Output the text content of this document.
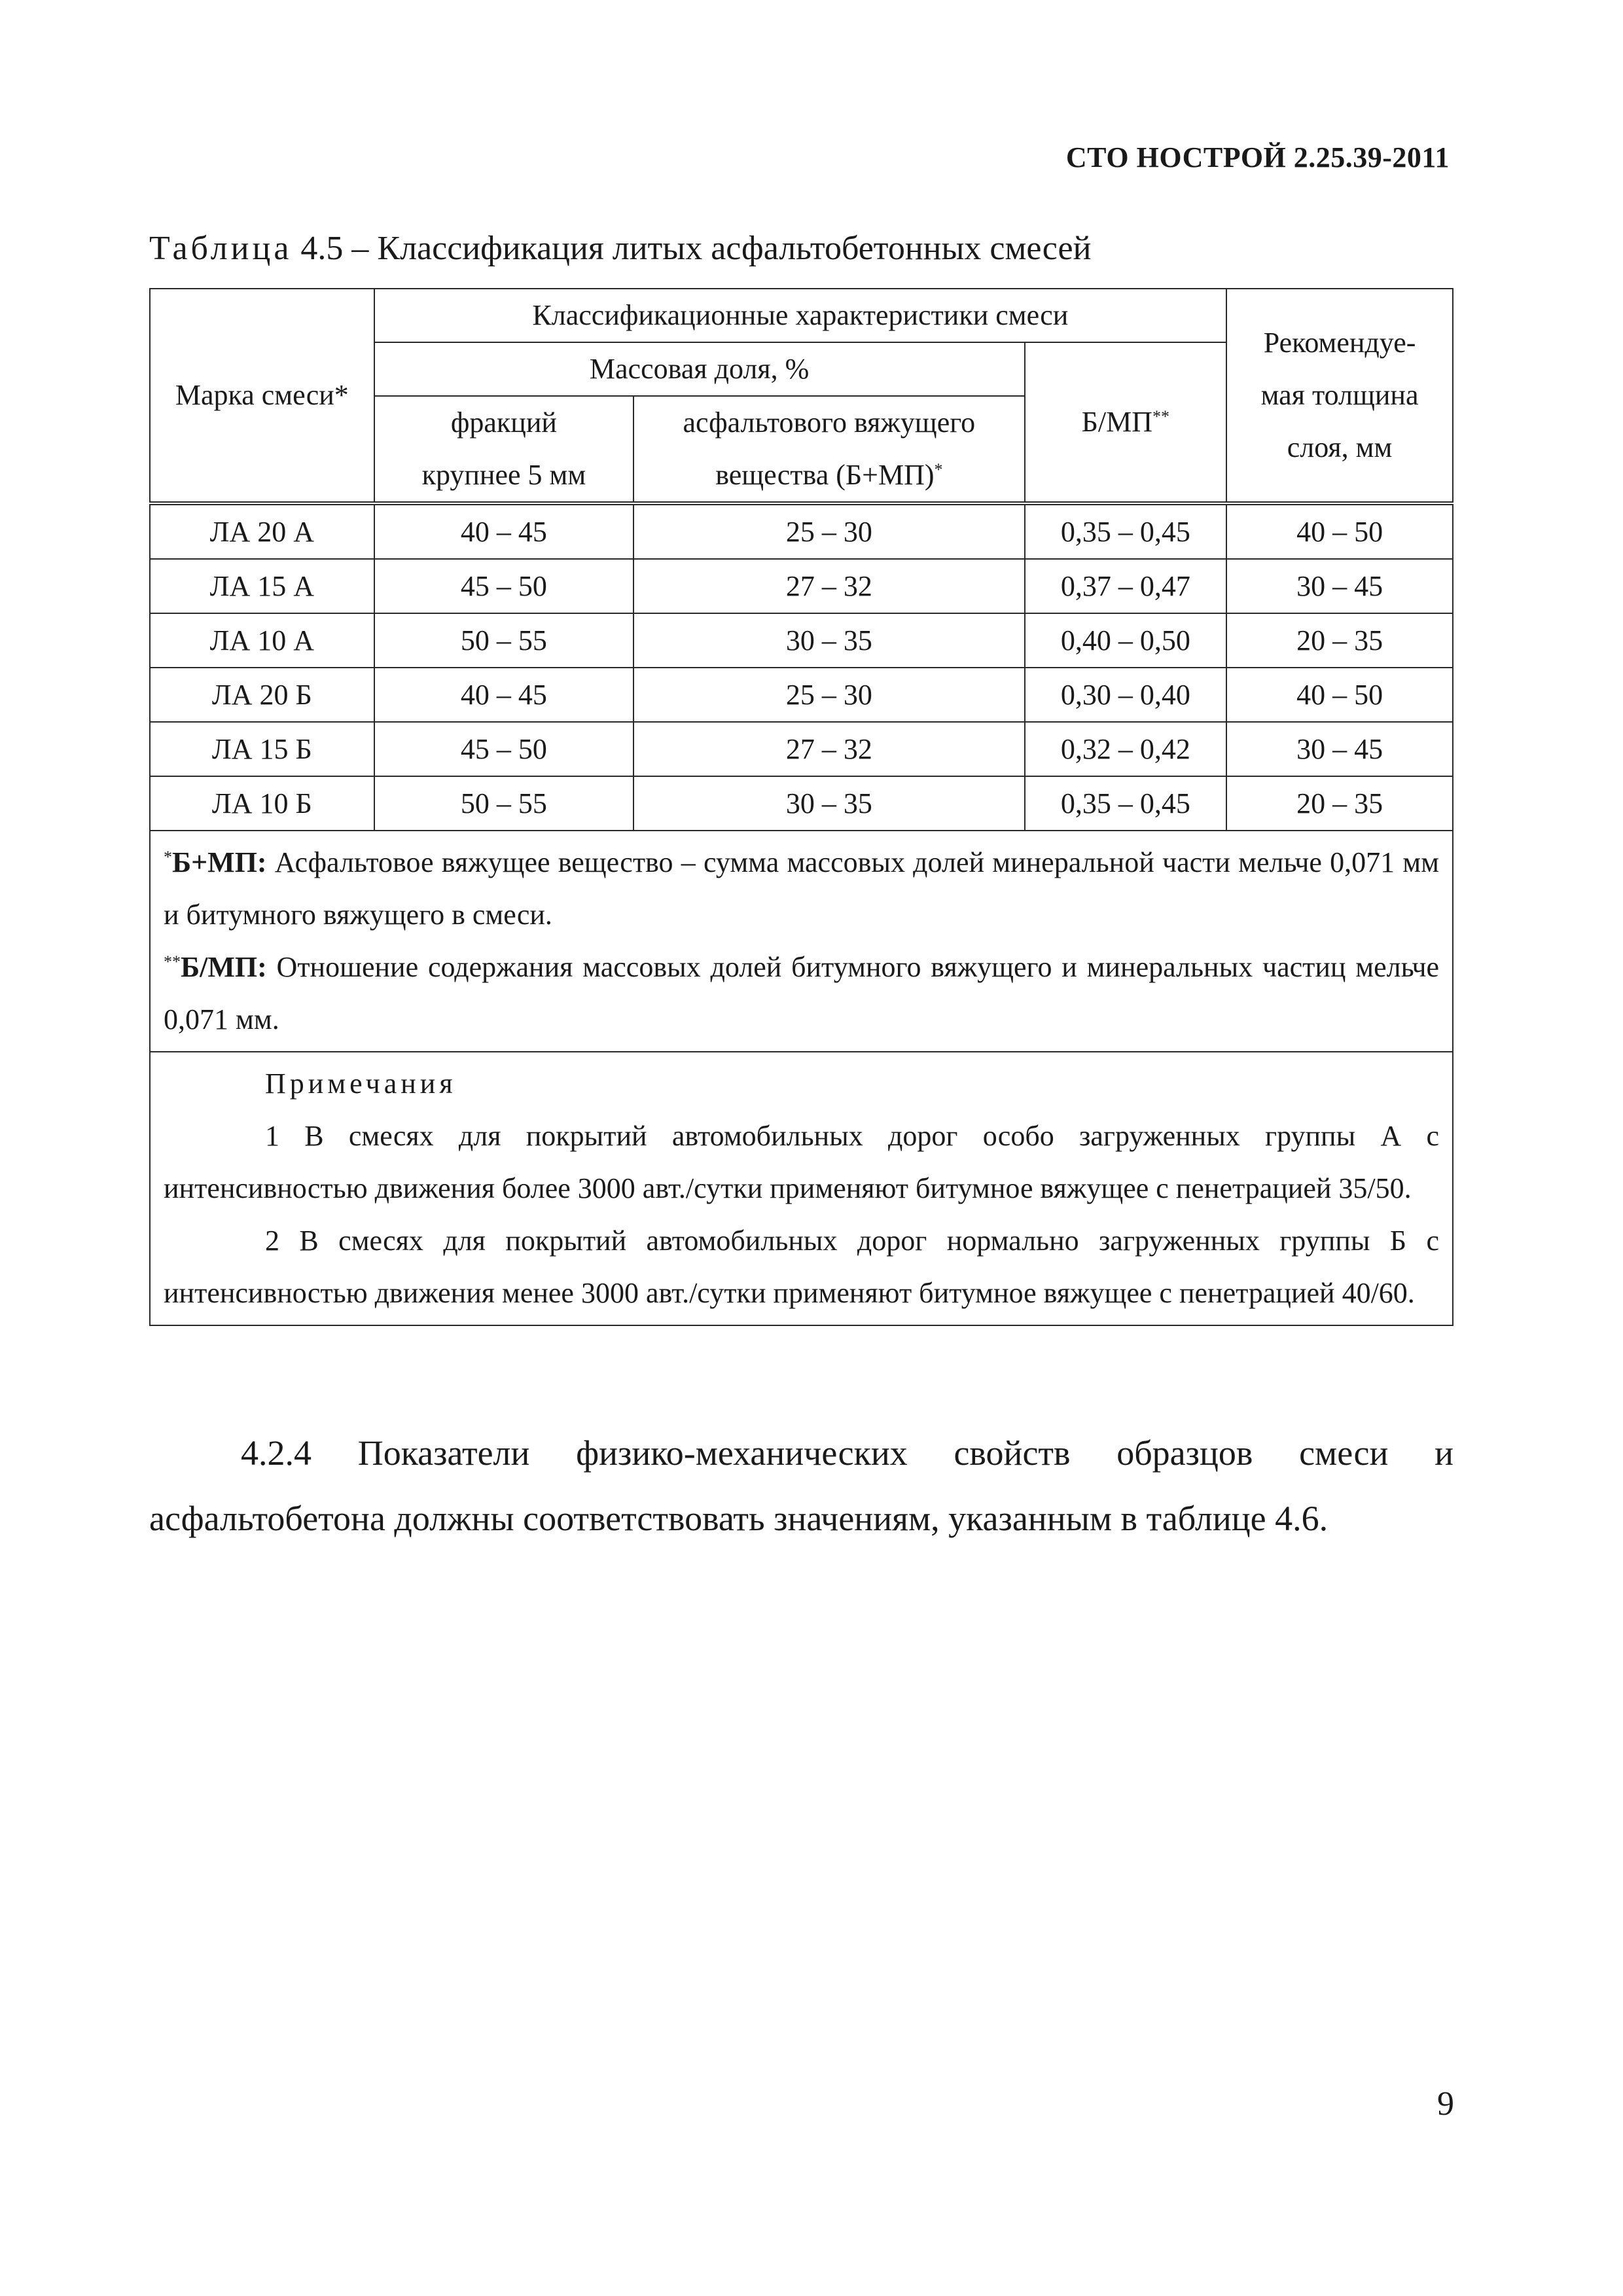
СТО НОСТРОЙ 2.25.39-2011
Таблица 4.5 – Классификация литых асфальтобетонных смесей
Марка смеси*	Классификационные характеристики смеси			Рекомендуе-
мая толщина
слоя, мм

	Массовая доля, %		Б/МП**
	фракций	асфальтового вяжущего		
	крупнее 5 мм	вещества (Б+МП)*
ЛА 20 А	40 – 45	25 – 30	0,35 – 0,45	40 – 50
ЛА 15 А	45 – 50	27 – 32	0,37 – 0,47	30 – 45
ЛА 10 А	50 – 55	30 – 35	0,40 – 0,50	20 – 35
ЛА 20 Б	40 – 45	25 – 30	0,30 – 0,40	40 – 50
ЛА 15 Б	45 – 50	27 – 32	0,32 – 0,42	30 – 45
ЛА 10 Б	50 – 55	30 – 35	0,35 – 0,45	20 – 35

*Б+МП: Асфальтовое вяжущее вещество – сумма массовых долей минеральной части мельче 0,071 мм и битумного вяжущего в смеси.

**Б/МП: Отношение содержания массовых долей битумного вяжущего и минеральных частиц мельче 0,071 мм.				

Примечания

1 В смесях для покрытий автомобильных дорог особо загруженных группы А с интенсивностью движения более 3000 авт./сутки применяют битумное вяжущее с пенетрацией 35/50.

2 В смесях для покрытий автомобильных дорог нормально загруженных группы Б с интенсивностью движения менее 3000 авт./сутки применяют битумное вяжущее с пенетрацией 40/60.				

4.2.4 Показатели физико-механических свойств образцов смеси и асфальтобетона должны соответствовать значениям, указанным в таблице 4.6.
9
